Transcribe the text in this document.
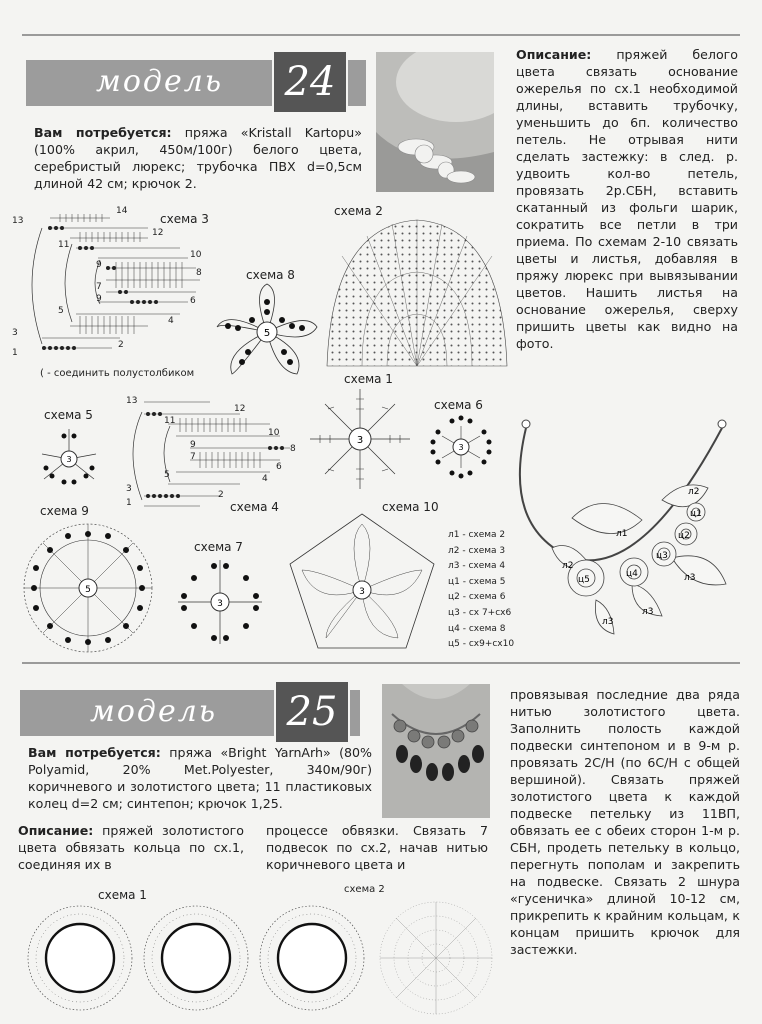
модель	24
Вам потребуется: пряжа «Kristall Kartopu» (100% акрил, 450м/100г) белого цвета, серебристый люрекс; трубочка ПВХ d=0,5см длиной 42 см; крючок 2.
Описание: пряжей белого цвета связать основание ожерелья по сх.1 необходимой длины, вставить трубочку, уменьшить до 6п. количество петель. Не отрывая нити сделать застежку: в след. р. удвоить кол-во петель, провязать 2р.СБН, вставить скатанный из фольги шарик, сократить все петли в три приема. По схемам 2-10 связать цветы и листья, добавляя в пряжу люрекс при вывязывании цветов. Нашить листья на основание ожерелья, сверху пришить цветы как видно на фото.
схема 3
14
13
12
11
10
9
8
7
9	6
5
4
3
2
1
( - соединить полустолбиком
схема 2
схема 8
5
схема 1
3
схема 5
3
13
12
11
10
9	8
7
6
5	4
3
2
1	схема 4
схема 6
3
схема 9
5
схема 7
3
схема 10
3
л1 - схема 2
л2 - схема 3
л3 - схема 4
ц1 - схема 5
ц2 - схема 6
ц3 - сх 7+сх6
ц4 - схема 8
ц5 - сх9+сх10
л2
ц1
ц2
л1
ц3
ц4	л3
л2
ц5
л3
л3
модель	25
Вам потребуется: пряжа «Bright YarnArh» (80% Polyamid, 20% Met.Polyester, 340м/90г) коричневого и золотистого цвета; 11 пластиковых колец d=2 см; синтепон; крючок 1,25.
Описание: пряжей золотистого цвета обвязать кольца по сх.1, соединяя их в
процессе обвязки. Связать 7 подвесок по сх.2, начав нитью коричневого цвета и
провязывая последние два ряда нитью золотистого цвета. Заполнить полость каждой подвески синтепоном и в 9-м р. провязать 2С/Н (по 6С/Н с общей вершиной). Связать пряжей золотистого цвета к каждой подвеске петельку из 11ВП, обвязать ее с обеих сторон 1-м р. СБН, продеть петельку в кольцо, перегнуть пополам и закрепить на подвеске. Связать 2 шнура «гусеничка» длиной 10-12 см, прикрепить к крайним кольцам, к концам пришить крючок для застежки.
схема 1	схема 2
